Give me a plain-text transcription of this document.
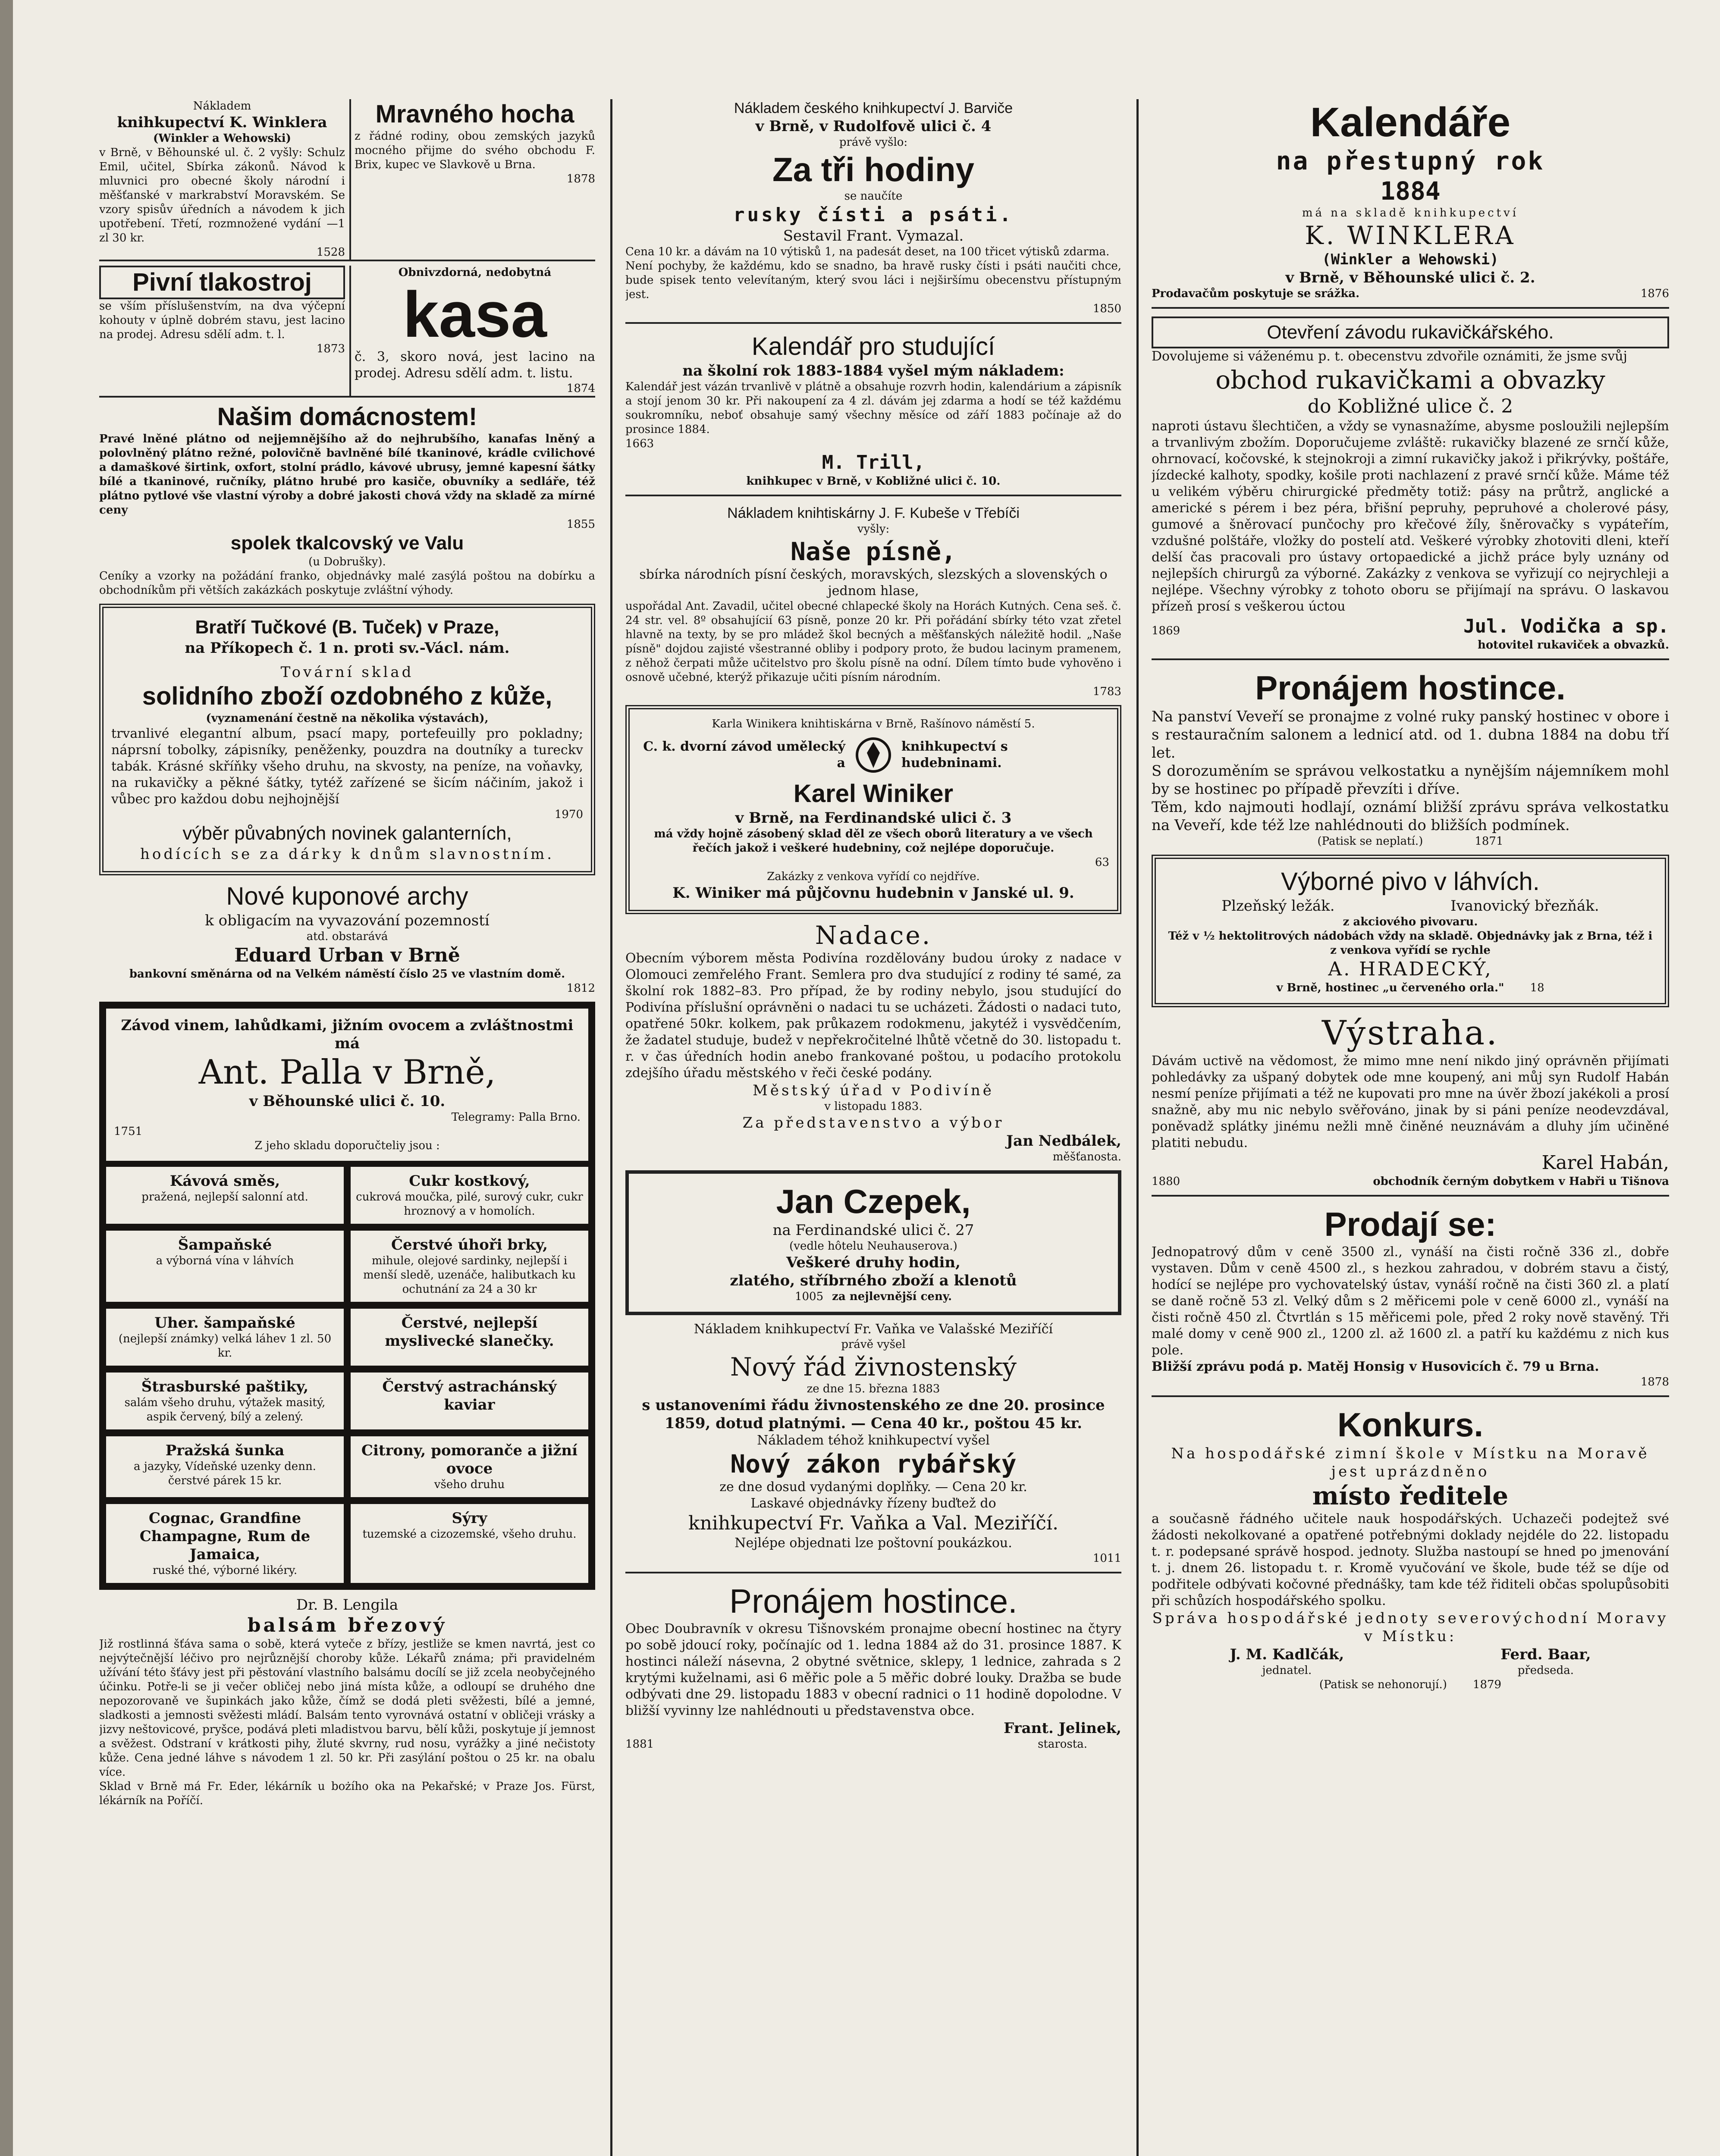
Nákladem
knihkupectví K. Winklera
(Winkler a Wehowski)
v Brně, v Běhounské ul. č. 2 vyšly: Schulz Emil, učitel, Sbírka zákonů. Návod k mluvnici pro obecné školy národní i měšťanské v markrabství Moravském. Se vzory spisův úředních a návodem k jich upotřebení. Třetí, rozmnožené vydání —1 zl 30 kr.
1528
Mravného hocha
z řádné rodiny, obou zemských jazyků mocného přijme do svého obchodu F. Brix, kupec ve Slavkově u Brna.
1878
Pivní tlakostroj
se vším příslušenstvím, na dva výčepní kohouty v úplně dobrém stavu, jest lacino na prodej. Adresu sdělí adm. t. l.
1873
Obnivzdorná, nedobytná
kasa
č. 3, skoro nová, jest lacino na prodej. Adresu sdělí adm. t. listu.
1874
Našim domácnostem!
Pravé lněné plátno od nejjemnějšího až do nejhrubšího, kanafas lněný a polovlněný plátno režné, polovičně bavlněné bílé tkaninové, krádle cvilichové a damaškové širtink, oxfort, stolní prádlo, kávové ubrusy, jemné kapesní šátky bílé a tkaninové, ručníky, plátno hrubé pro kasiče, obuvníky a sedláře, též plátno pytlové vše vlastní výroby a dobré jakosti chová vždy na skladě za mírné ceny
1855
spolek tkalcovský ve Valu
(u Dobrušky).
Ceníky a vzorky na požádání franko, objednávky malé zasýlá poštou na dobírku a obchodníkům při větších zakázkách poskytuje zvláštní výhody.
Bratří Tučkové (B. Tuček) v Praze,
na Příkopech č. 1 n. proti sv.-Václ. nám.
Tovární sklad
solidního zboží ozdobného z kůže,
(vyznamenání čestně na několika výstavách),
trvanlivé elegantní album, psací mapy, portefeuilly pro pokladny; náprsní tobolky, zápisníky, peněženky, pouzdra na doutníky a tureckv tabák. Krásné skříňky všeho druhu, na skvosty, na peníze, na voňavky, na rukavičky a pěkné šátky, tytéž zařízené se šicím náčiním, jakož i vůbec pro každou dobu nejhojnější
1970
výběr půvabných novinek galanterních,
hodících se za dárky k dnům slavnostním.
Nové kuponové archy
k obligacím na vyvazování pozemností
atd. obstarává
Eduard Urban v Brně
bankovní směnárna od na Velkém náměstí číslo 25 ve vlastním domě.
1812
Závod vinem, lahůdkami, jižním ovocem a zvláštnostmi má
Ant. Palla v Brně,
v Běhounské ulici č. 10.
Telegramy: Palla Brno.
1751
Z jeho skladu doporučteliy jsou :
Kávová směs,
pražená, nejlepší salonní atd.
Cukr kostkový,
cukrová moučka, pilé, surový cukr, cukr hroznový a v homolích.
Šampaňské
a výborná vína v láhvích
Čerstvé úhoři brky,
mihule, olejové sardinky, nejlepší i menší sledě, uzenáče, halibutkach ku ochutnání za 24 a 30 kr
Uher. šampaňské
(nejlepší známky) velká láhev 1 zl. 50 kr.
Čerstvé, nejlepší myslivecké slanečky.
Štrasburské paštiky,
salám všeho druhu, výtažek masitý, aspik červený, bílý a zelený.
Čerstvý astrachánský kaviar
Pražská šunka
a jazyky, Vídeňské uzenky denn. čerstvé párek 15 kr.
Citrony, pomoranče a jižní ovoce
všeho druhu
Cognac, Grandfine Champagne, Rum de Jamaica,
ruské thé, výborné likéry.
Sýry
tuzemské a cizozemské, všeho druhu.
Dr. B. Lengila
balsám březový
Již rostlinná šťáva sama o sobě, která vyteče z břízy, jestliže se kmen navrtá, jest co nejvýtečnější léčivo pro nejrůznější choroby kůže. Lékařů známa; při pravidelném užívání této šťávy jest při pěstování vlastního balsámu docílí se již zcela neobyčejného účinku. Potře-li se ji večer obličej nebo jiná místa kůže, a odloupí se druhého dne nepozorovaně ve šupinkách jako kůže, čímž se dodá pleti svěžesti, bílé a jemné, sladkosti a jemnosti svěžesti mládí. Balsám tento vyrovnává ostatní v obličeji vrásky a jizvy neštovicové, pryšce, podává pleti mladistvou barvu, bělí kůži, poskytuje jí jemnost a svěžest. Odstraní v krátkosti pihy, žluté skvrny, rud nosu, vyrážky a jiné nečistoty kůže. Cena jedné láhve s návodem 1 zl. 50 kr. Při zasýlání poštou o 25 kr. na obalu více.
Sklad v Brně má Fr. Eder, lékárník u bożího oka na Pekařské; v Praze Jos. Fürst, lékárník na Poříčí.
Nákladem českého knihkupectví J. Barviče
v Brně, v Rudolfově ulici č. 4
právě vyšlo:
Za tři hodiny
se naučíte
rusky čísti a psáti.
Sestavil Frant. Vymazal.
Cena 10 kr. a dávám na 10 výtisků 1, na padesát deset, na 100 třicet výtisků zdarma.
Není pochyby, že každému, kdo se snadno, ba hravě rusky čísti i psáti naučiti chce, bude spisek tento velevítaným, který svou láci i nejširšímu obecenstvu přístupným jest.
1850
Kalendář pro studující
na školní rok 1883-1884 vyšel mým nákladem:
Kalendář jest vázán trvanlivě v plátně a obsahuje rozvrh hodin, kalendárium a zápisník a stojí jenom 30 kr. Při nakoupení za 4 zl. dávám jej zdarma a hodí se též každému soukromníku, neboť obsahuje samý všechny měsíce od září 1883 počínaje až do prosince 1884.
1663
M. Trill,
knihkupec v Brně, v Kobližné ulici č. 10.
Nákladem knihtiskárny J. F. Kubeše v Třebíči
vyšly:
Naše písně,
sbírka národních písní českých, moravských, slezských a slovenských o jednom hlase,
uspořádal Ant. Zavadil, učitel obecné chlapecké školy na Horách Kutných. Cena seš. č. 24 str. vel. 8º obsahujícií 63 písně, ponze 20 kr. Při pořádání sbírky této vzat zřetel hlavně na texty, by se pro mládež škol becných a měšťanských náležitě hodil. „Naše písně" dojdou zajisté všestranné obliby i podpory proto, že budou lacinym pramenem, z něhož čerpati může učitelstvo pro školu písně na odní. Dílem tímto bude vyhověno i osnově učebné, kterýž přikazuje učiti písním národním.
1783
Karla Winikera knihtiskárna v Brně, Rašínovo náměstí 5.
C. k. dvorní závod umělecký a
knihkupectví s hudebninami.
Karel Winiker
v Brně, na Ferdinandské ulici č. 3
má vždy hojně zásobený sklad děl ze všech oborů literatury a ve všech řečích jakož i veškeré hudebniny, což nejlépe doporučuje.
63
Zakázky z venkova vyřídí co nejdříve.
K. Winiker má půjčovnu hudebnin v Janské ul. 9.
Nadace.
Obecním výborem města Podivína rozdělovány budou úroky z nadace v Olomouci zemřelého Frant. Semlera pro dva studující z rodiny té samé, za školní rok 1882–83. Pro případ, že by rodiny nebylo, jsou studující do Podivína příslušní oprávněni o nadaci tu se ucházeti. Žádosti o nadaci tuto, opatřené 50kr. kolkem, pak průkazem rodokmenu, jakytéž i vysvědčením, že žadatel studuje, budež v nepřekročitelné lhůtě včetně do 30. listopadu t. r. v čas úředních hodin anebo frankované poštou, u podacího protokolu zdejšího úřadu městského v řeči české podány.
Městský úřad v Podivíně
v listopadu 1883.
Za představenstvo a výbor
Jan Nedbálek,
měšťanosta.
Jan Czepek,
na Ferdinandské ulici č. 27
(vedle hôtelu Neuhauserova.)
Veškeré druhy hodin,
zlatého, stříbrného zboží a klenotů
1005 za nejlevnější ceny.
Nákladem knihkupectví Fr. Vaňka ve Valašské Meziříčí
právě vyšel
Nový řád živnostenský
ze dne 15. března 1883
s ustanoveními řádu živnostenského ze dne 20. prosince 1859, dotud platnými. — Cena 40 kr., poštou 45 kr.
Nákladem téhož knihkupectví vyšel
Nový zákon rybářský
ze dne dosud vydanými doplňky. — Cena 20 kr.
Laskavé objednávky řízeny buďtež do
knihkupectví Fr. Vaňka a Val. Meziříčí.
Nejlépe objednati lze poštovní poukázkou.
1011
Pronájem hostince.
Obec Doubravník v okresu Tišnovském pronajme obecní hostinec na čtyry po sobě jdoucí roky, počínajíc od 1. ledna 1884 až do 31. prosince 1887. K hostinci náleží násevna, 2 obytné světnice, sklepy, 1 lednice, zahrada s 2 krytými kuželnami, asi 6 měřic pole a 5 měřic dobré louky. Dražba se bude odbývati dne 29. listopadu 1883 v obecní radnici o 11 hodině dopolodne. V bližší vyvinny lze nahlédnouti u představenstva obce.
1881
Frant. Jelinek,
starosta.
Kalendáře
na přestupný rok
1884
má na skladě knihkupectví
K. WINKLERA
(Winkler a Wehowski)
v Brně, v Běhounské ulici č. 2.
Prodavačům poskytuje se srážka.	1876
Otevření závodu rukavičkářského.
Dovolujeme si váženému p. t. obecenstvu zdvořile oznámiti, že jsme svůj
obchod rukavičkami a obvazky
do Kobližné ulice č. 2
naproti ústavu šlechtičen, a vždy se vynasnažíme, abysme posloužili nejlepším a trvanlivým zbožím. Doporučujeme zvláště: rukavičky blazené ze srnčí kůže, ohrnovací, kočovské, k stejnokroji a zimní rukavičky jakož i přikrývky, poštáře, jízdecké kalhoty, spodky, košile proti nachlazení z pravé srnčí kůže. Máme též u velikém výběru chirurgické předměty totiž: pásy na průtrž, anglické a americké s pérem i bez péra, břišní pepruhy, pepruhové a cholerové pásy, gumové a šněrovací punčochy pro křečové žíly, šněrovačky s vypáteřím, vzdušné polštáře, vložky do postelí atd. Veškeré výrobky zhotoviti dleni, kteří delší čas pracovali pro ústavy ortopaedické a jichž práce byly uznány od nejlepších chirurgů za výborné. Zakázky z venkova se vyřizují co nejrychleji a nejlépe. Všechny výrobky z tohoto oboru se přijímají na správu. O laskavou přízeň prosí s veškerou úctou
1869	Jul. Vodička a sp.
hotovitel rukaviček a obvazků.
Pronájem hostince.
Na panství Veveří se pronajme z volné ruky panský hostinec v obore i s restauračním salonem a lednicí atd. od 1. dubna 1884 na dobu tří let.
S dorozuměním se správou velkostatku a nynějším nájemníkem mohl by se hostinec po případě převzíti i dříve.
Těm, kdo najmouti hodlají, oznámí bližší zprávu správa velkostatku na Veveří, kde též lze nahlédnouti do bližších podmínek.
(Patisk se neplatí.)	1871
Výborné pivo v láhvích.
Plzeňský ležák.	Ivanovický březňák.
z akciového pivovaru.
Též v ½ hektolitrových nádobách vždy na skladě. Objednávky jak z Brna, též i z venkova vyřídí se rychle
A. HRADECKÝ,
v Brně, hostinec „u červeného orla." 18
Výstraha.
Dávám uctivě na vědomost, že mimo mne není nikdo jiný oprávněn přijímati pohledávky za ušpaný dobytek ode mne koupený, ani můj syn Rudolf Habán nesmí peníze přijímati a též ne kupovati pro mne na úvěr žbozí jakékoli a prosí snažně, aby mu nic nebylo svěřováno, jinak by si páni peníze neodevzdával, poněvadž splátky jinému nežli mně činěné neuznávám a dluhy jím učiněné platiti nebudu.
Karel Habán,
1880	obchodník černým dobytkem v Habři u Tišnova
Prodají se:
Jednopatrový dům v ceně 3500 zl., vynáší na čisti ročně 336 zl., dobře vystaven. Dům v ceně 4500 zl., s hezkou zahradou, v dobrém stavu a čistý, hodící se nejlépe pro vychovatelský ústav, vynáší ročně na čisti 360 zl. a platí se daně ročně 53 zl. Velký dům s 2 měřicemi pole v ceně 6000 zl., vynáší na čisti ročně 450 zl. Čtvrtlán s 15 měřicemi pole, před 2 roky nově stavěný. Tři malé domy v ceně 900 zl., 1200 zl. až 1600 zl. a patří ku každému z nich kus pole.
Bližší zprávu podá p. Matěj Honsig v Husovicích č. 79 u Brna.
1878
Konkurs.
Na hospodářské zimní škole v Místku na Moravě jest uprázdněno
místo ředitele
a současně řádného učitele nauk hospodářských. Uchazeči podejtež své žádosti nekolkované a opatřené potřebnými doklady nejdéle do 22. listopadu t. r. podepsané správě hospod. jednoty. Služba nastoupí se hned po jmenování t. j. dnem 26. listopadu t. r. Kromě vyučování ve škole, bude též se díje od podřitele odbývati kočovné přednášky, tam kde též řiditeli občas spolupůsobiti při schůzích hospodářského spolku.
Správa hospodářské jednoty severovýchodní Moravy v Místku:
J. M. Kadlčák,
jednatel.
Ferd. Baar,
předseda.
(Patisk se nehonorují.) 1879
